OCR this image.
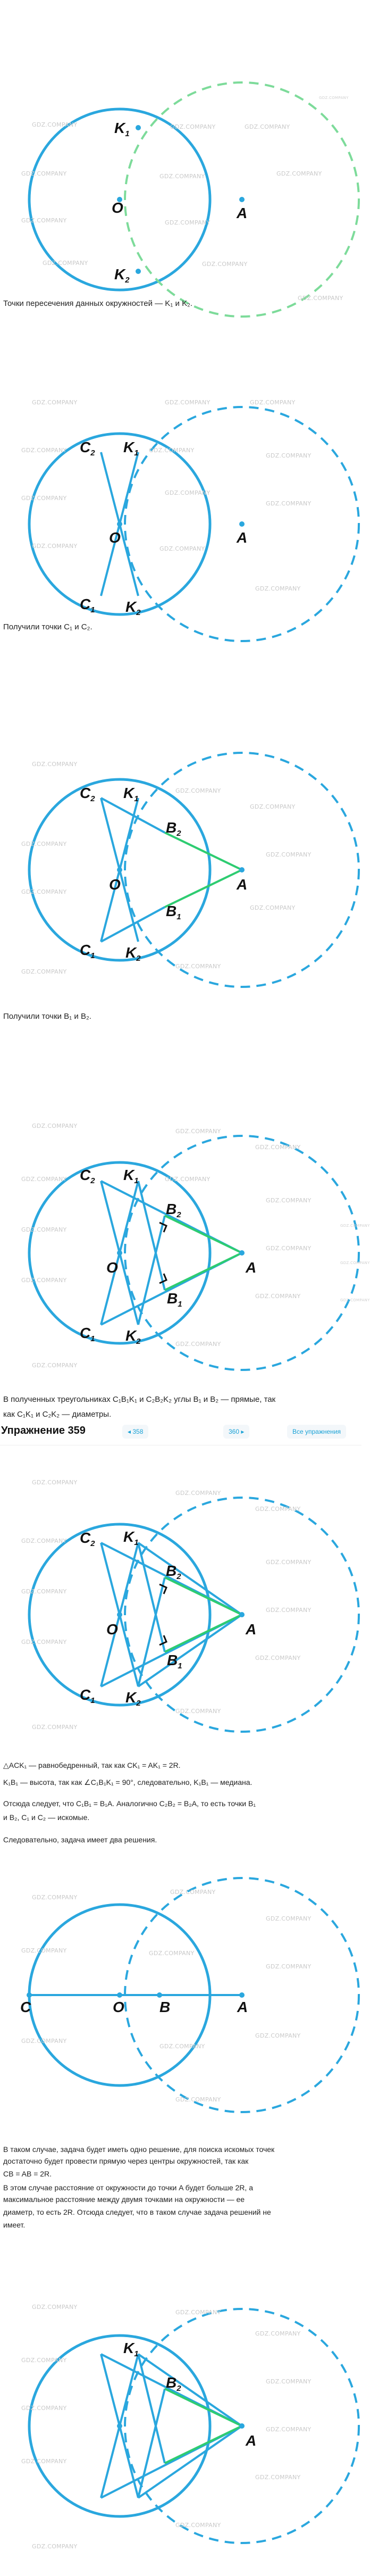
$K_1$
O	A
$K_2$
GDZ.COMPANY	GDZ.COMPANY	GDZ.COMPANY
GDZ.COMPANY	GDZ.COMPANY	GDZ.COMPANY
GDZ.COMPANY	GDZ.COMPANY
GDZ.COMPANY	GDZ.COMPANY
GDZ.COMPANY
Точки пересечения данных окружностей — K₁ и K₂.
GDZ.COMPANY
$C_2$ $K_1$
O	A
$C_1$ $K_2$
GDZ.COMPANY	GDZ.COMPANY	GDZ.COMPANY
GDZ.COMPANY	GDZ.COMPANY
GDZ.COMPANY
GDZ.COMPANY
GDZ.COMPANY
GDZ.COMPANY
GDZ.COMPANY	GDZ.COMPANY
GDZ.COMPANY
Получили точки C₁ и C₂.
$C_2$ $K_1$
$B_2$
O	A
$B_1$
$C_1$ $K_2$
GDZ.COMPANY
GDZ.COMPANY
GDZ.COMPANY
GDZ.COMPANY
GDZ.COMPANY
GDZ.COMPANY
GDZ.COMPANY
GDZ.COMPANY
GDZ.COMPANY
Получили точки B₁ и B₂.
$C_2$ $K_1$
$B_2$
O	A
$B_1$
$C_1$ $K_2$
GDZ.COMPANY
GDZ.COMPANY
GDZ.COMPANY
GDZ.COMPANY	GDZ.COMPANY
GDZ.COMPANY
GDZ.COMPANY
GDZ.COMPANY
GDZ.COMPANY
GDZ.COMPANY
GDZ.COMPANY
GDZ.COMPANY
GDZ.COMPANY
GDZ.COMPANY
GDZ.COMPANY
В полученных треугольниках C₁B₁K₁ и C₂B₂K₂ углы B₁ и B₂ — прямые, так
как C₁K₁ и C₂K₂ — диаметры.
Упражнение 359	◂ 358	360 ▸	Все упражнения
$C_2$ $K_1$
$B_2$
O	A
$B_1$
$C_1$ $K_2$
GDZ.COMPANY
GDZ.COMPANY
GDZ.COMPANY
GDZ.COMPANY
GDZ.COMPANY
GDZ.COMPANY
GDZ.COMPANY
GDZ.COMPANY
GDZ.COMPANY
GDZ.COMPANY
GDZ.COMPANY
△ACK₁ — равнобедренный, так как CK₁ = AK₁ = 2R.
K₁B₁ — высота, так как ∠C₁B₁K₁ = 90°, следовательно, K₁B₁ — медиана.
Отсюда следует, что C₁B₁ = B₁A. Аналогично C₂B₂ = B₂A, то есть точки B₁
и B₂, C₁ и C₂ — искомые.
Следовательно, задача имеет два решения.
C	O B	A
GDZ.COMPANY
GDZ.COMPANY
GDZ.COMPANY
GDZ.COMPANY	GDZ.COMPANY
GDZ.COMPANY
GDZ.COMPANY
GDZ.COMPANY
GDZ.COMPANY
GDZ.COMPANY
В таком случае, задача будет иметь одно решение, для поиска искомых точек
достаточно будет провести прямую через центры окружностей, так как
CB = AB = 2R.
В этом случае расстояние от окружности до точки A будет больше 2R, а
максимальное расстояние между двумя точками на окружности — ее
диаметр, то есть 2R. Отсюда следует, что в таком случае задача решений не
имеет.
$K_1$
$B_2$
A
GDZ.COMPANY
GDZ.COMPANY
GDZ.COMPANY
GDZ.COMPANY
GDZ.COMPANY
GDZ.COMPANY
GDZ.COMPANY
GDZ.COMPANY
GDZ.COMPANY
GDZ.COMPANY
GDZ.COMPANY
